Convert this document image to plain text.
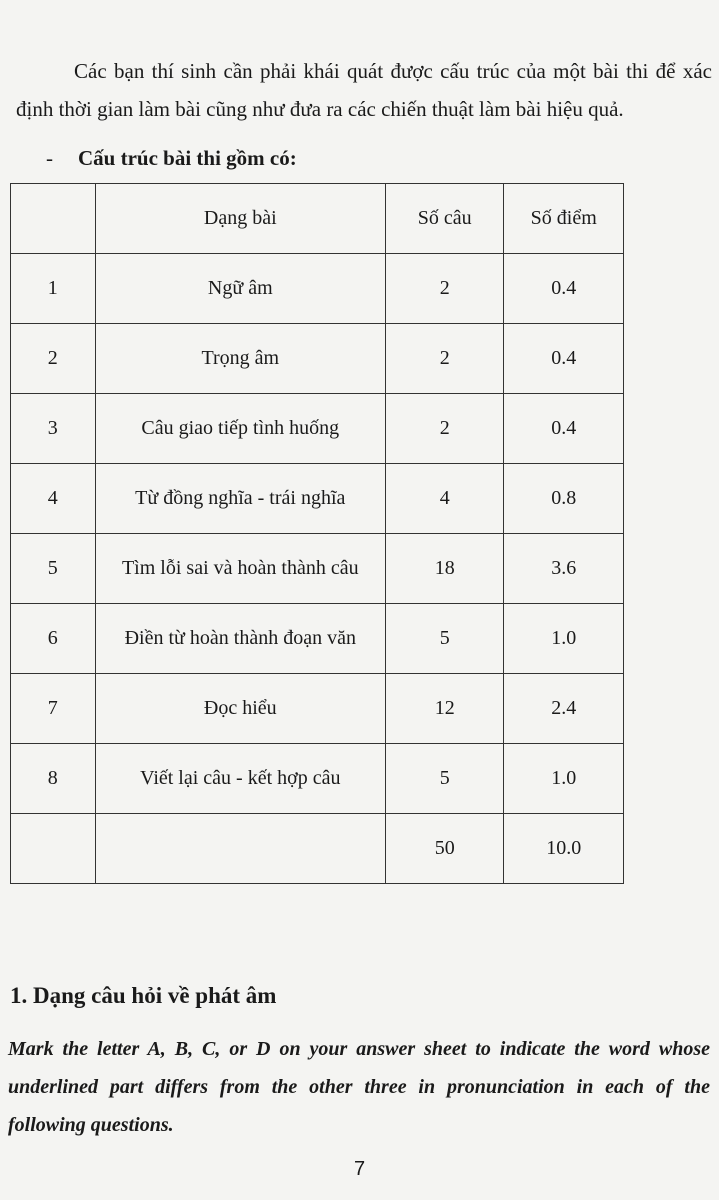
Các bạn thí sinh cần phải khái quát được cấu trúc của một bài thi để xác định thời gian làm bài cũng như đưa ra các chiến thuật làm bài hiệu quả.

- Cấu trúc bài thi gồm có:

	Dạng bài	Số câu	Số điểm
1	Ngữ âm	2	0.4
2	Trọng âm	2	0.4
3	Câu giao tiếp tình huống	2	0.4
4	Từ đồng nghĩa - trái nghĩa	4	0.8
5	Tìm lỗi sai và hoàn thành câu	18	3.6
6	Điền từ hoàn thành đoạn văn	5	1.0
7	Đọc hiểu	12	2.4
8	Viết lại câu - kết hợp câu	5	1.0
		50	10.0

1. Dạng câu hỏi về phát âm

Mark the letter A, B, C, or D on your answer sheet to indicate the word whose underlined part differs from the other three in pronunciation in each of the following questions.

7
